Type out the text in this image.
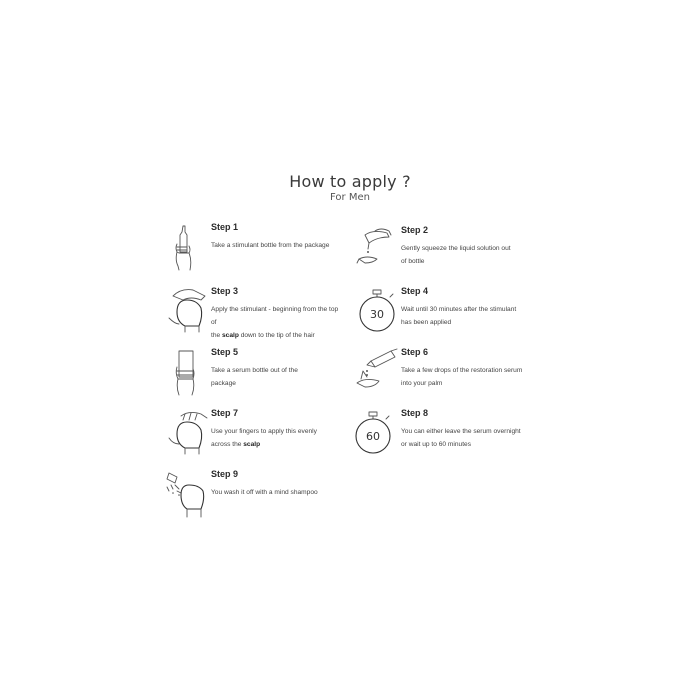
How to apply ?
For Men
Step 1
Take a stimulant bottle from the package
Step 2
Gently squeeze the liquid solution out
of bottle
Step 3
Apply the stimulant - beginning from the top of
the scalp down to the tip of the hair
30
Step 4
Wait until 30 minutes after the stimulant
has been applied
Step 5
Take a serum bottle out of the
package
Step 6
Take a few drops of the restoration serum
into your palm
Step 7
Use your fingers to apply this evenly
across the scalp
60
Step 8
You can either leave the serum overnight
or wait up to 60 minutes
Step 9
You wash it off with a mind shampoo
